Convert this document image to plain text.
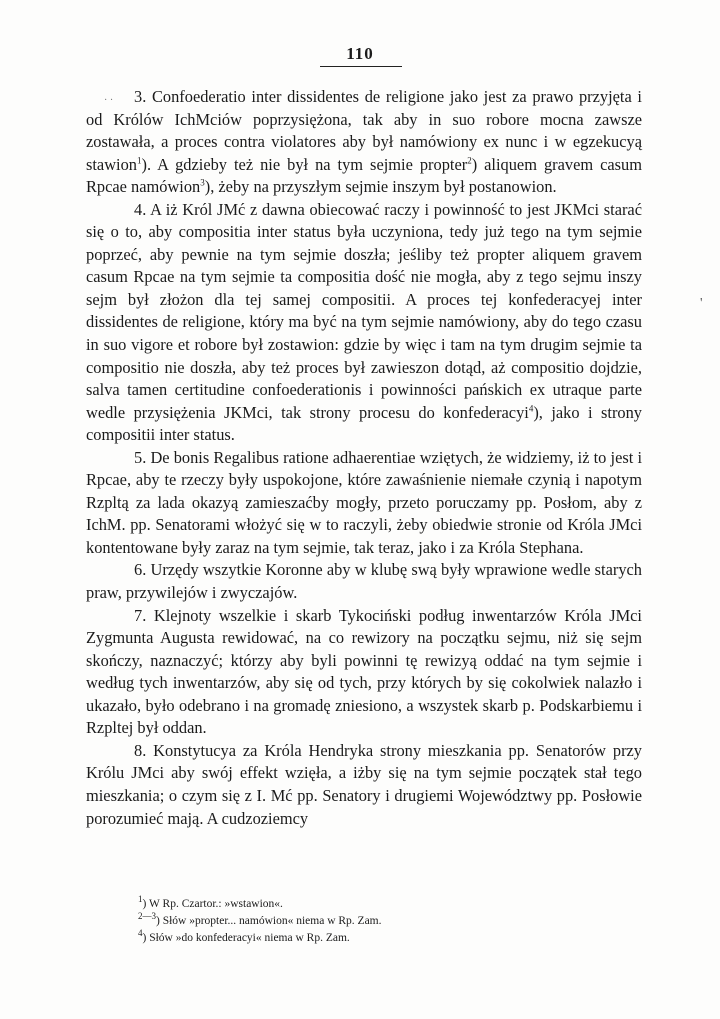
110
· ·
'

3. Confoederatio inter dissidentes de religione jako jest za prawo przyjęta i od Królów IchMciów poprzysiężona, tak aby in suo robore mocna zawsze zostawała, a proces contra violatores aby był namówiony ex nunc i w egzekucyą stawion$^1$). A gdzieby też nie był na tym sejmie propter$^2$) aliquem gravem casum Rpcae namówion$^3$), żeby na przyszłym sejmie inszym był postanowion.

4. A iż Król JMć z dawna obiecować raczy i powinność to jest JKMci starać się o to, aby compositia inter status była uczyniona, tedy już tego na tym sejmie poprzeć, aby pewnie na tym sejmie doszła; jeśliby też propter aliquem gravem casum Rpcae na tym sejmie ta compositia dość nie mogła, aby z tego sejmu inszy sejm był złożon dla tej samej compositii. A proces tej konfederacyej inter dissidentes de religione, który ma być na tym sejmie namówiony, aby do tego czasu in suo vigore et robore był zostawion: gdzie by więc i tam na tym drugim sejmie ta compositio nie doszła, aby też proces był zawieszon dotąd, aż compositio dojdzie, salva tamen certitudine confoederationis i powinności pańskich ex utraque parte wedle przysiężenia JKMci, tak strony procesu do konfederacyi$^4$), jako i strony compositii inter status.

5. De bonis Regalibus ratione adhaerentiae wziętych, że widziemy, iż to jest i Rpcae, aby te rzeczy były uspokojone, które zawaśnienie niemałe czynią i napotym Rzpltą za lada okazyą zamieszaćby mogły, przeto poruczamy pp. Posłom, aby z IchM. pp. Senatorami włożyć się w to raczyli, żeby obiedwie stronie od Króla JMci kontentowane były zaraz na tym sejmie, tak teraz, jako i za Króla Stephana.

6. Urzędy wszytkie Koronne aby w klubę swą były wprawione wedle starych praw, przywilejów i zwyczajów.

7. Klejnoty wszelkie i skarb Tykociński podług inwentarzów Króla JMci Zygmunta Augusta rewidować, na co rewizory na początku sejmu, niż się sejm skończy, naznaczyć; którzy aby byli powinni tę rewizyą oddać na tym sejmie i według tych inwentarzów, aby się od tych, przy których by się cokolwiek nalazło i ukazało, było odebrano i na gromadę zniesiono, a wszystek skarb p. Podskarbiemu i Rzpltej był oddan.

8. Konstytucya za Króla Hendryka strony mieszkania pp. Senatorów przy Królu JMci aby swój effekt wzięła, a iżby się na tym sejmie początek stał tego mieszkania; o czym się z I. Mć pp. Senatory i drugiemi Województwy pp. Posłowie porozumieć mają. A cudzoziemcy

$^1$) W Rp. Czartor.: »wstawion«.

$^{2—3}$) Słów »propter... namówion« niema w Rp. Zam.

$^4$) Słów »do konfederacyi« niema w Rp. Zam.
